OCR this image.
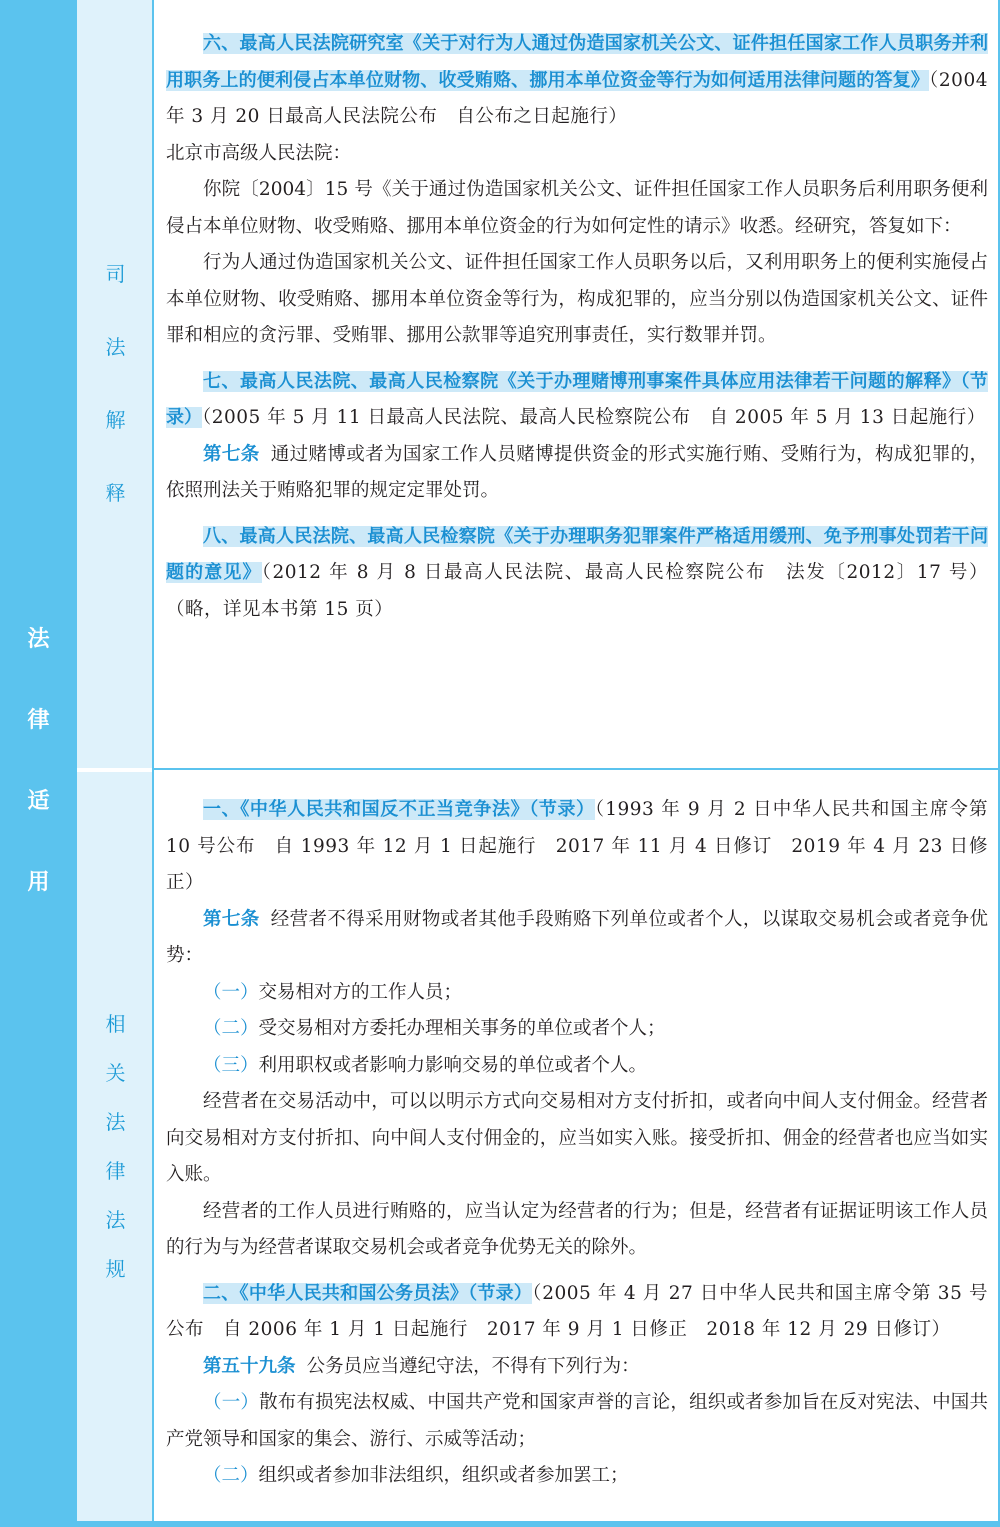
法
律
适
用
司
法
解
释
相
关
法
律
法
规

六、最高人民法院研究室《关于对行为人通过伪造国家机关公文、证件担任国家工作人员职务并利用职务上的便利侵占本单位财物、收受贿赂、挪用本单位资金等行为如何适用法律问题的答复》（2004 年 3 月 20 日最高人民法院公布　自公布之日起施行）

北京市高级人民法院：

你院〔2004〕15 号《关于通过伪造国家机关公文、证件担任国家工作人员职务后利用职务便利侵占本单位财物、收受贿赂、挪用本单位资金的行为如何定性的请示》收悉。经研究，答复如下：

行为人通过伪造国家机关公文、证件担任国家工作人员职务以后，又利用职务上的便利实施侵占本单位财物、收受贿赂、挪用本单位资金等行为，构成犯罪的，应当分别以伪造国家机关公文、证件罪和相应的贪污罪、受贿罪、挪用公款罪等追究刑事责任，实行数罪并罚。

七、最高人民法院、最高人民检察院《关于办理赌博刑事案件具体应用法律若干问题的解释》（节录）（2005 年 5 月 11 日最高人民法院、最高人民检察院公布　自 2005 年 5 月 13 日起施行）

第七条 通过赌博或者为国家工作人员赌博提供资金的形式实施行贿、受贿行为，构成犯罪的，依照刑法关于贿赂犯罪的规定定罪处罚。

八、最高人民法院、最高人民检察院《关于办理职务犯罪案件严格适用缓刑、免予刑事处罚若干问题的意见》（2012 年 8 月 8 日最高人民法院、最高人民检察院公布　法发〔2012〕17 号）（略，详见本书第 15 页）

一、《中华人民共和国反不正当竞争法》（节录）（1993 年 9 月 2 日中华人民共和国主席令第 10 号公布　自 1993 年 12 月 1 日起施行　2017 年 11 月 4 日修订　2019 年 4 月 23 日修正）

第七条 经营者不得采用财物或者其他手段贿赂下列单位或者个人，以谋取交易机会或者竞争优势：

（一）交易相对方的工作人员；

（二）受交易相对方委托办理相关事务的单位或者个人；

（三）利用职权或者影响力影响交易的单位或者个人。

经营者在交易活动中，可以以明示方式向交易相对方支付折扣，或者向中间人支付佣金。经营者向交易相对方支付折扣、向中间人支付佣金的，应当如实入账。接受折扣、佣金的经营者也应当如实入账。

经营者的工作人员进行贿赂的，应当认定为经营者的行为；但是，经营者有证据证明该工作人员的行为与为经营者谋取交易机会或者竞争优势无关的除外。

二、《中华人民共和国公务员法》（节录）（2005 年 4 月 27 日中华人民共和国主席令第 35 号公布　自 2006 年 1 月 1 日起施行　2017 年 9 月 1 日修正　2018 年 12 月 29 日修订）

第五十九条 公务员应当遵纪守法，不得有下列行为：

（一）散布有损宪法权威、中国共产党和国家声誉的言论，组织或者参加旨在反对宪法、中国共产党领导和国家的集会、游行、示威等活动；

（二）组织或者参加非法组织，组织或者参加罢工；
